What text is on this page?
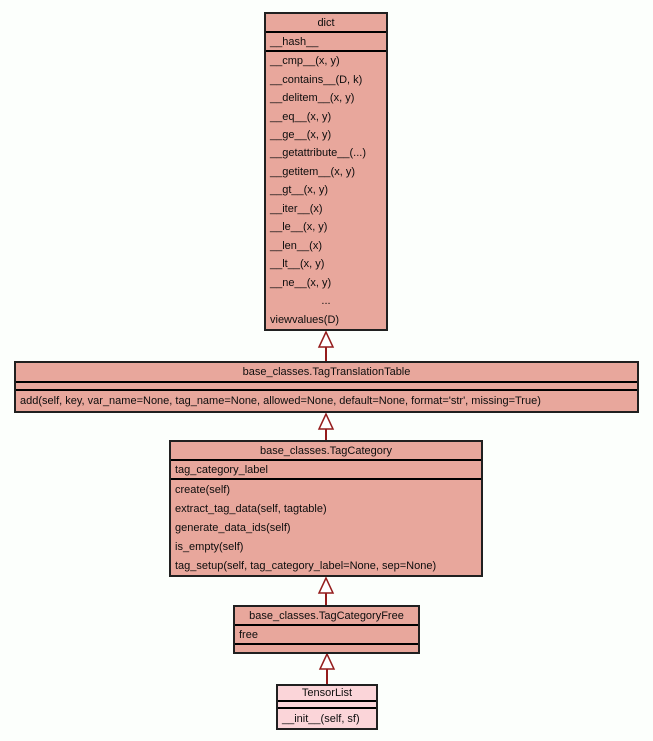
dict
__hash__
__cmp__(x, y)
__contains__(D, k)
__delitem__(x, y)
__eq__(x, y)
__ge__(x, y)
__getattribute__(...)
__getitem__(x, y)
__gt__(x, y)
__iter__(x)
__le__(x, y)
__len__(x)
__lt__(x, y)
__ne__(x, y)
...
viewvalues(D)
base_classes.TagTranslationTable
add(self, key, var_name=None, tag_name=None, allowed=None, default=None, format='str', missing=True)
base_classes.TagCategory
tag_category_label
create(self)
extract_tag_data(self, tagtable)
generate_data_ids(self)
is_empty(self)
tag_setup(self, tag_category_label=None, sep=None)
base_classes.TagCategoryFree
free
TensorList
__init__(self, sf)
